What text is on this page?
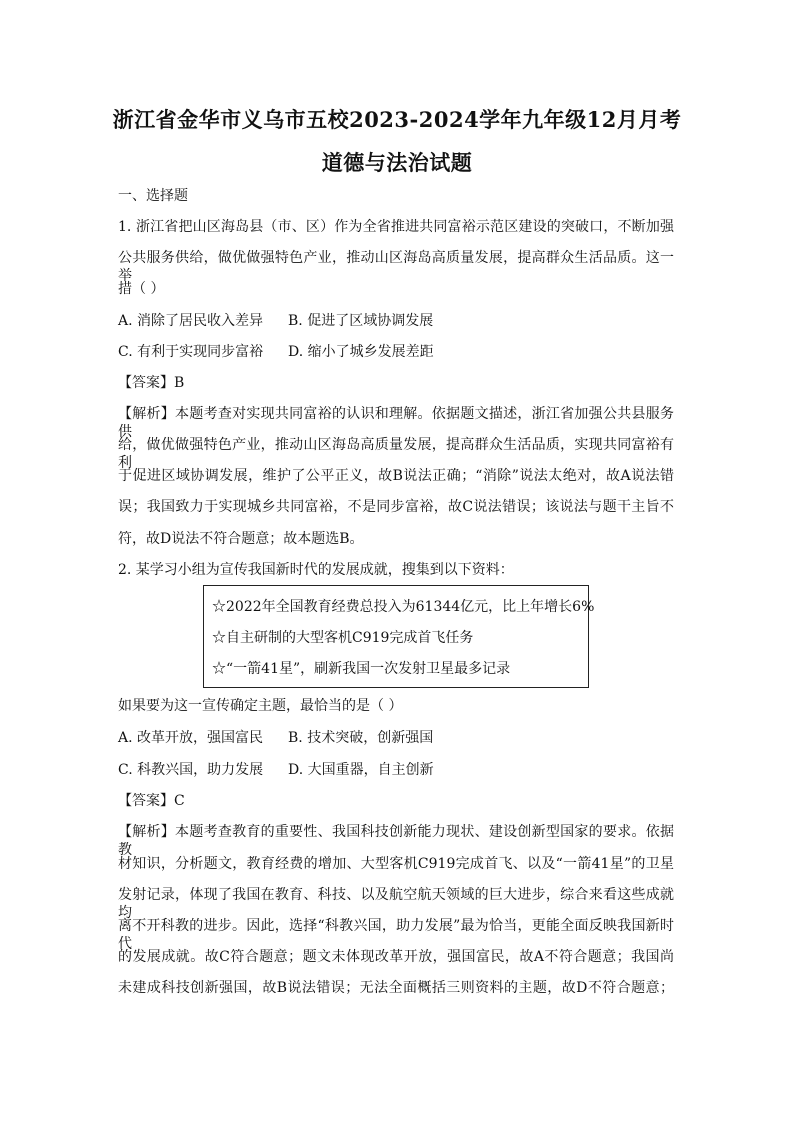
浙江省金华市义乌市五校2023-2024学年九年级12月月考
道德与法治试题
一、选择题
1. 浙江省把山区海岛县（市、区）作为全省推进共同富裕示范区建设的突破口，不断加强
公共服务供给，做优做强特色产业，推动山区海岛高质量发展，提高群众生活品质。这一举
措（ ）
A. 消除了居民收入差异 B. 促进了区域协调发展
C. 有利于实现同步富裕 D. 缩小了城乡发展差距
【答案】B
【解析】本题考查对实现共同富裕的认识和理解。依据题文描述，浙江省加强公共县服务供
给，做优做强特色产业，推动山区海岛高质量发展，提高群众生活品质，实现共同富裕有利
于促进区域协调发展，维护了公平正义，故B说法正确；“消除”说法太绝对，故A说法错
误；我国致力于实现城乡共同富裕，不是同步富裕，故C说法错误；该说法与题干主旨不
符，故D说法不符合题意；故本题选B。
2. 某学习小组为宣传我国新时代的发展成就，搜集到以下资料：
☆2022年全国教育经费总投入为61344亿元，比上年增长6%
☆自主研制的大型客机C919完成首飞任务
☆“一箭41星”，刷新我国一次发射卫星最多记录
如果要为这一宣传确定主题，最恰当的是（ ）
A. 改革开放，强国富民 B. 技术突破，创新强国
C. 科教兴国，助力发展 D. 大国重器，自主创新
【答案】C
【解析】本题考查教育的重要性、我国科技创新能力现状、建设创新型国家的要求。依据教
材知识，分析题文，教育经费的增加、大型客机C919完成首飞、以及“一箭41星”的卫星
发射记录，体现了我国在教育、科技、以及航空航天领域的巨大进步，综合来看这些成就均
离不开科教的进步。因此，选择“科教兴国，助力发展”最为恰当，更能全面反映我国新时代
的发展成就。故C符合题意；题文未体现改革开放，强国富民，故A不符合题意；我国尚
未建成科技创新强国，故B说法错误；无法全面概括三则资料的主题，故D不符合题意；
